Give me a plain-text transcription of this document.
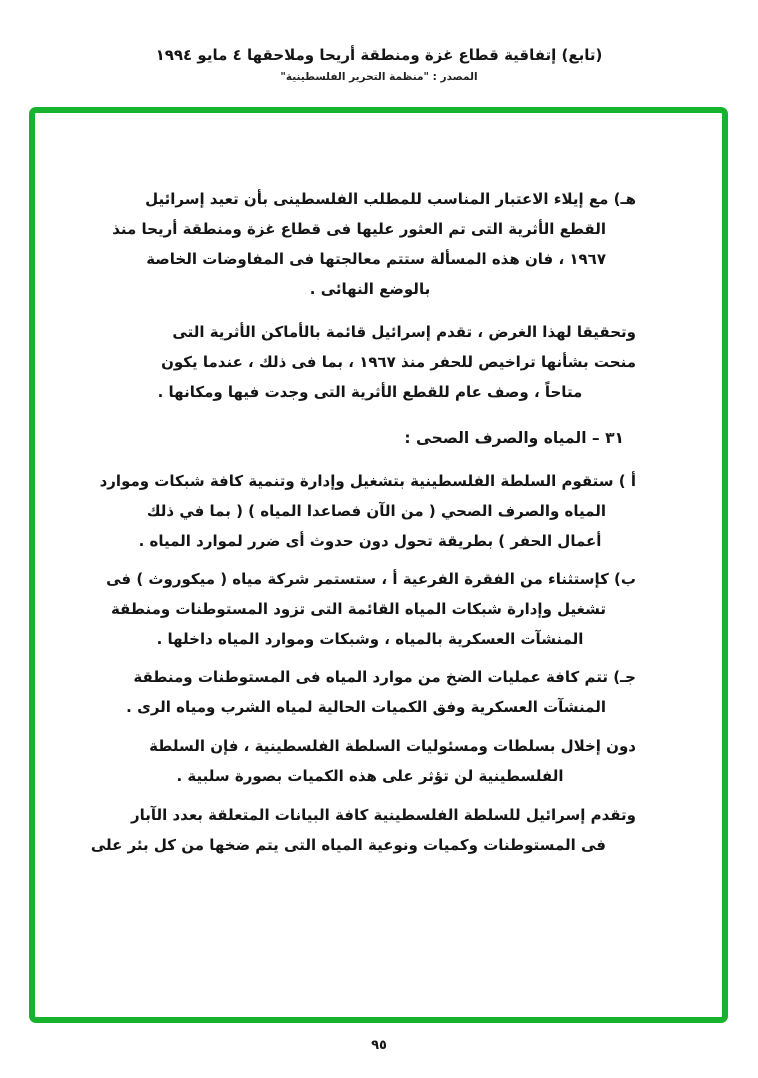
(تابع) إتفاقية قطاع غزة ومنطقة أريحا وملاحقها ٤ مايو ١٩٩٤
المصدر : "منظمة التحرير الفلسطينية"
هـ) مع إيلاء الاعتبار المناسب للمطلب الفلسطينى بأن تعيد إسرائيل
القطع الأثرية التى تم العثور عليها فى قطاع غزة ومنطقة أريحا منذ
١٩٦٧ ، فان هذه المسألة ستتم معالجتها فى المفاوضات الخاصة
بالوضع النهائى .
وتحقيقا لهذا الغرض ، تقدم إسرائيل قائمة بالأماكن الأثرية التى
منحت بشأنها تراخيص للحفر منذ ١٩٦٧ ، بما فى ذلك ، عندما يكون
متاحاً ، وصف عام للقطع الأثرية التى وجدت فيها ومكانها .
٣١ – المياه والصرف الصحى :
أ ) ستقوم السلطة الفلسطينية بتشغيل وإدارة وتنمية كافة شبكات وموارد
المياه والصرف الصحي ( من الآن فصاعدا المياه ) ( بما في ذلك
أعمال الحفر ) بطريقة تحول دون حدوث أى ضرر لموارد المياه .
ب) كإستثناء من الفقرة الفرعية أ ، ستستمر شركة مياه ( ميكوروث ) فى
تشغيل وإدارة شبكات المياه القائمة التى تزود المستوطنات ومنطقة
المنشآت العسكرية بالمياه ، وشبكات وموارد المياه داخلها .
جـ) تتم كافة عمليات الضخ من موارد المياه فى المستوطنات ومنطقة
المنشآت العسكرية وفق الكميات الحالية لمياه الشرب ومياه الرى .
دون إخلال بسلطات ومسئوليات السلطة الفلسطينية ، فإن السلطة
الفلسطينية لن تؤثر على هذه الكميات بصورة سلبية .
وتقدم إسرائيل للسلطة الفلسطينية كافة البيانات المتعلقة بعدد الآبار
فى المستوطنات وكميات ونوعية المياه التى يتم ضخها من كل بئر على
٩٥
